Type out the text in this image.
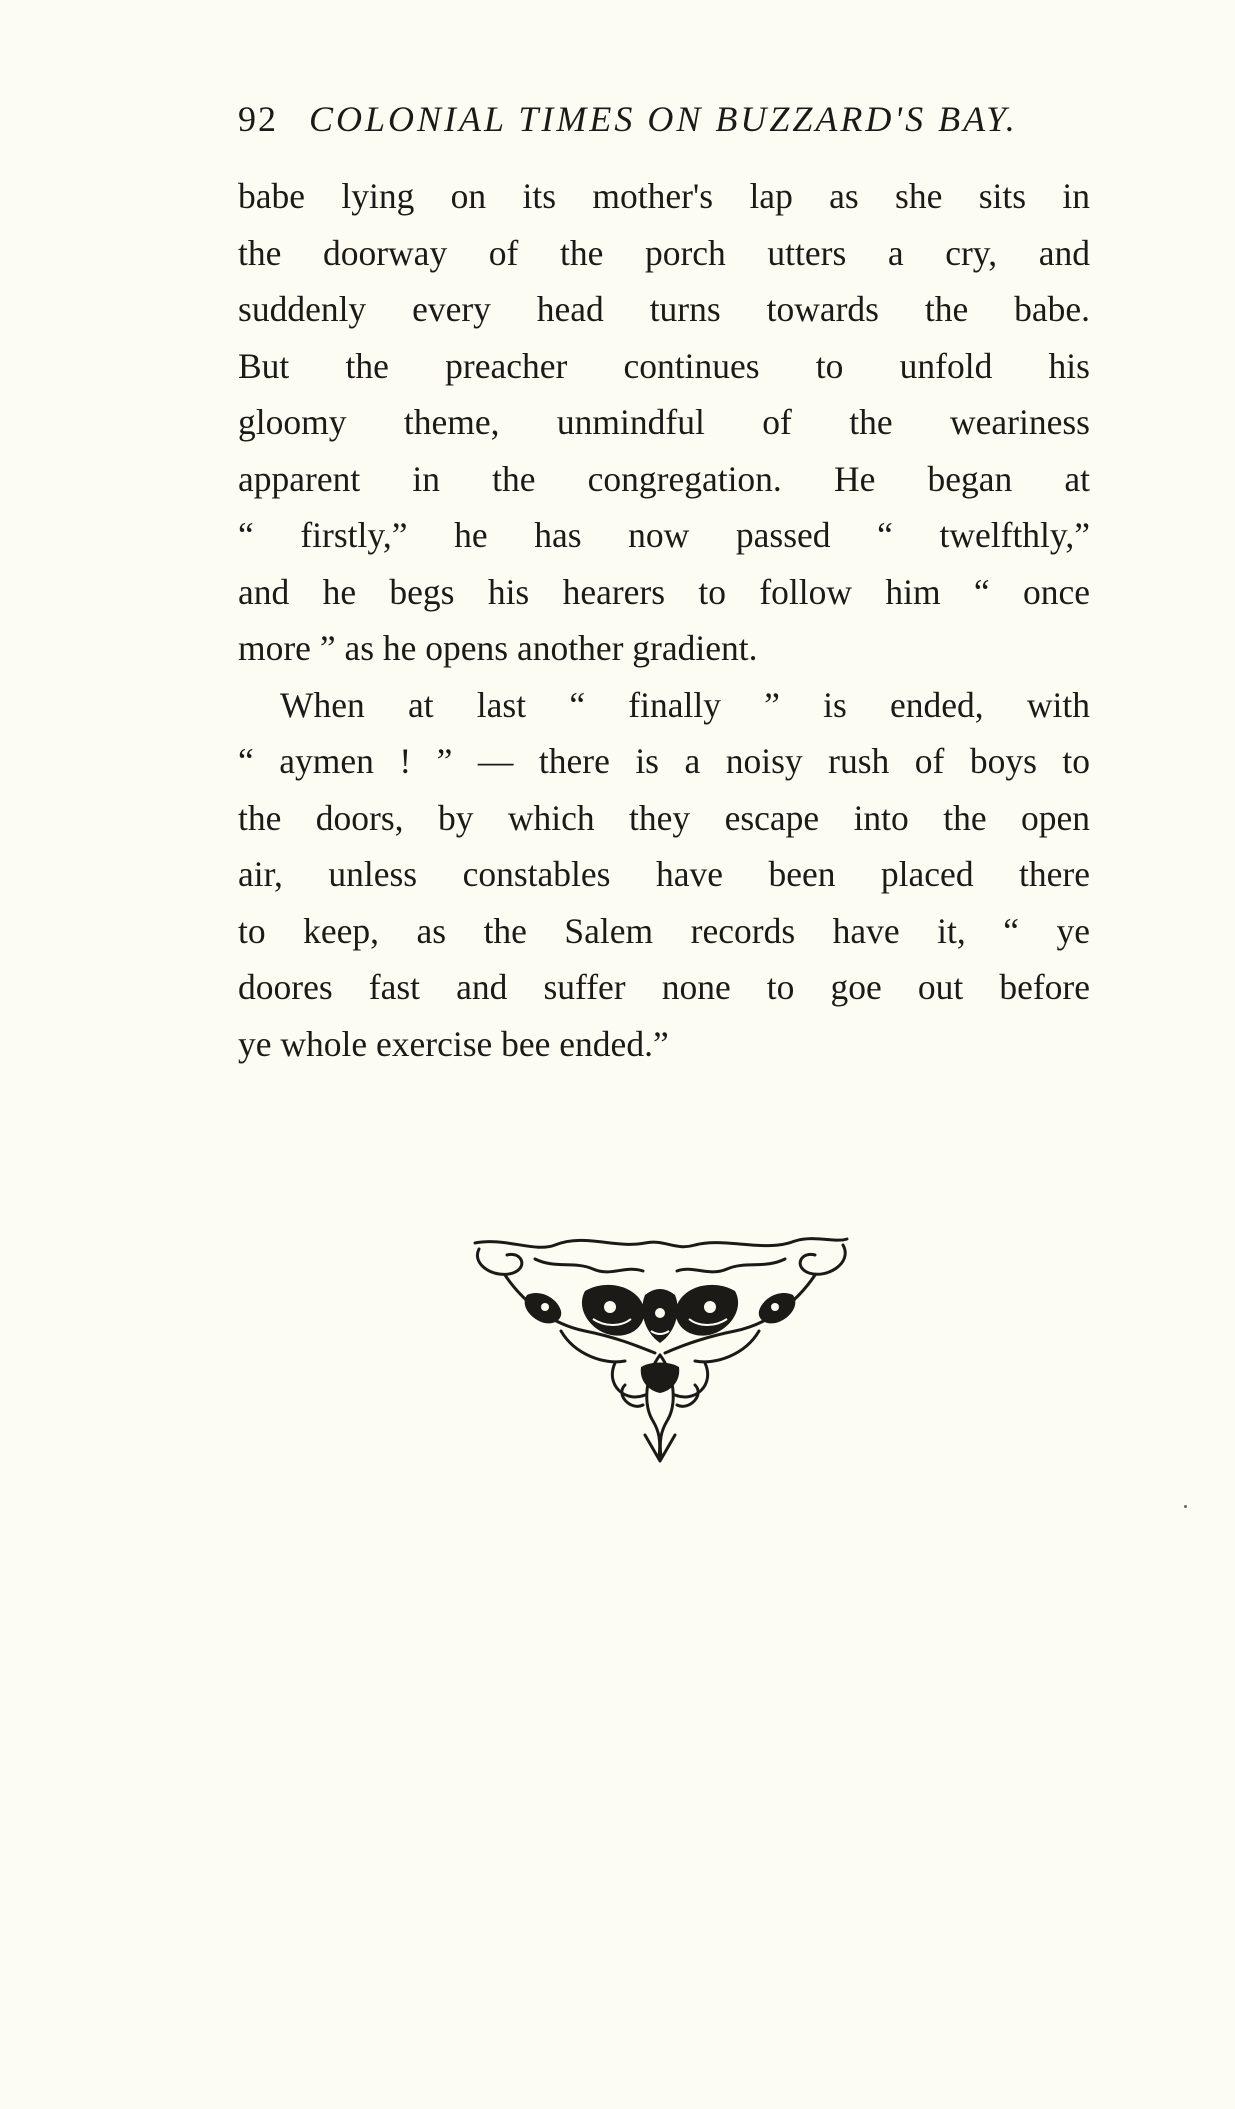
92 COLONIAL TIMES ON BUZZARD'S BAY.
babe lying on its mother's lap as she sits in
the doorway of the porch utters a cry, and
suddenly every head turns towards the babe.
But the preacher continues to unfold his
gloomy theme, unmindful of the weariness
apparent in the congregation. He began at
“ firstly,” he has now passed “ twelfthly,”
and he begs his hearers to follow him “ once
more ” as he opens another gradient.
When at last “ finally ” is ended, with
“ aymen ! ” — there is a noisy rush of boys to
the doors, by which they escape into the open
air, unless constables have been placed there
to keep, as the Salem records have it, “ ye
doores fast and suffer none to goe out before
ye whole exercise bee ended.”
